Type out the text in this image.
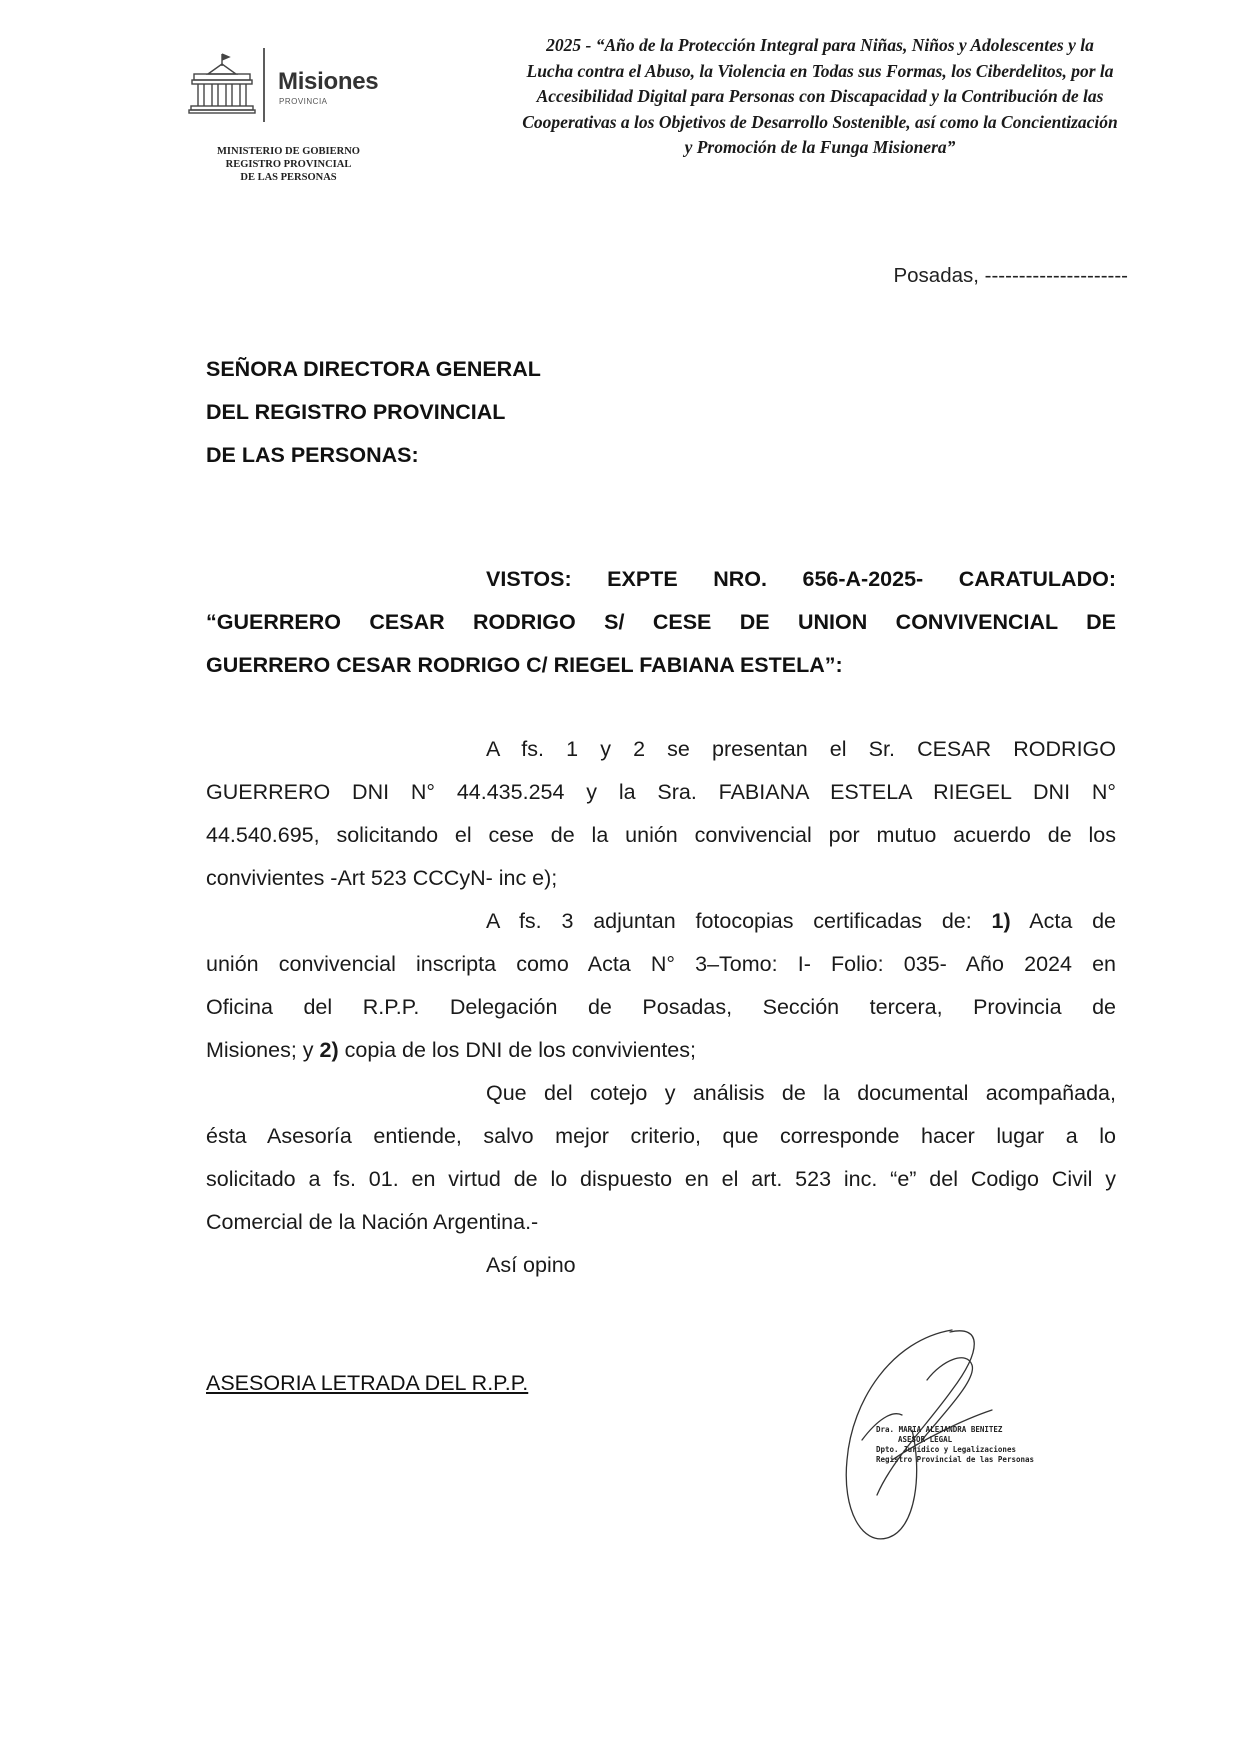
Misiones
PROVINCIA
MINISTERIO DE GOBIERNO
REGISTRO PROVINCIAL
DE LAS PERSONAS
2025 - “Año de la Protección Integral para Niñas, Niños y Adolescentes y la
Lucha contra el Abuso, la Violencia en Todas sus Formas, los Ciberdelitos, por la
Accesibilidad Digital para Personas con Discapacidad y la Contribución de las
Cooperativas a los Objetivos de Desarrollo Sostenible, así como la Concientización
y Promoción de la Funga Misionera”
Posadas, ---------------------
SEÑORA DIRECTORA GENERAL
DEL REGISTRO PROVINCIAL
DE LAS PERSONAS:
VISTOS: EXPTE NRO. 656-A-2025- CARATULADO:
“GUERRERO CESAR RODRIGO S/ CESE DE UNION CONVIVENCIAL DE
GUERRERO CESAR RODRIGO C/ RIEGEL FABIANA ESTELA”:
A fs. 1 y 2 se presentan el Sr. CESAR RODRIGO
GUERRERO DNI N° 44.435.254 y la Sra. FABIANA ESTELA RIEGEL DNI N°
44.540.695, solicitando el cese de la unión convivencial por mutuo acuerdo de los
convivientes -Art 523 CCCyN- inc e);
A fs. 3 adjuntan fotocopias certificadas de: 1) Acta de
unión convivencial inscripta como Acta N° 3–Tomo: I- Folio: 035- Año 2024 en
Oficina del R.P.P. Delegación de Posadas, Sección tercera, Provincia de
Misiones; y 2) copia de los DNI de los convivientes;
Que del cotejo y análisis de la documental acompañada,
ésta Asesoría entiende, salvo mejor criterio, que corresponde hacer lugar a lo
solicitado a fs. 01. en virtud de lo dispuesto en el art. 523 inc. “e” del Codigo Civil y
Comercial de la Nación Argentina.-
Así opino
ASESORIA LETRADA DEL R.P.P.
Dra. MARIA ALEJANDRA BENITEZ
ASESOR LEGAL
Dpto. Jurídico y Legalizaciones
Registro Provincial de las Personas
